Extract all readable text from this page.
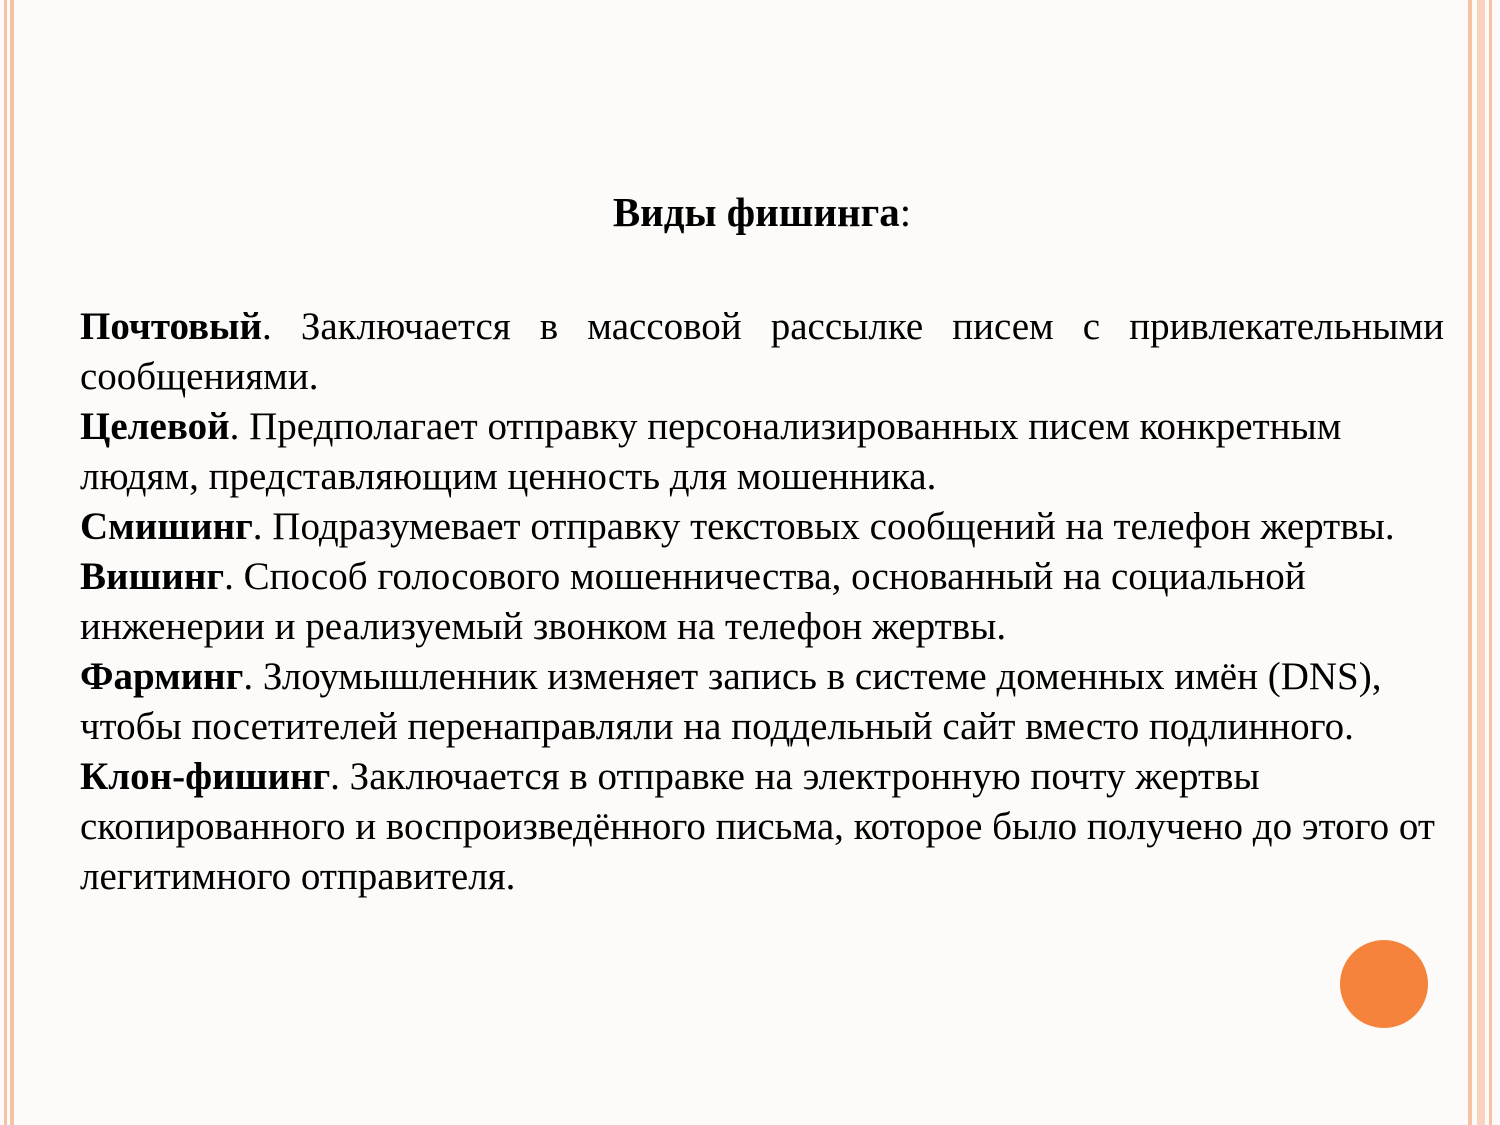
Виды фишинга:

Почтовый. Заключается в массовой рассылке писем с привлекательными сообщениями.

Целевой. Предполагает отправку персонализированных писем конкретным людям, представляющим ценность для мошенника.

Смишинг. Подразумевает отправку текстовых сообщений на телефон жертвы.

Вишинг. Способ голосового мошенничества, основанный на социальной инженерии и реализуемый звонком на телефон жертвы.

Фарминг. Злоумышленник изменяет запись в системе доменных имён (DNS), чтобы посетителей перенаправляли на поддельный сайт вместо подлинного.

Клон-фишинг. Заключается в отправке на электронную почту жертвы скопированного и воспроизведённого письма, которое было получено до этого от легитимного отправителя.
